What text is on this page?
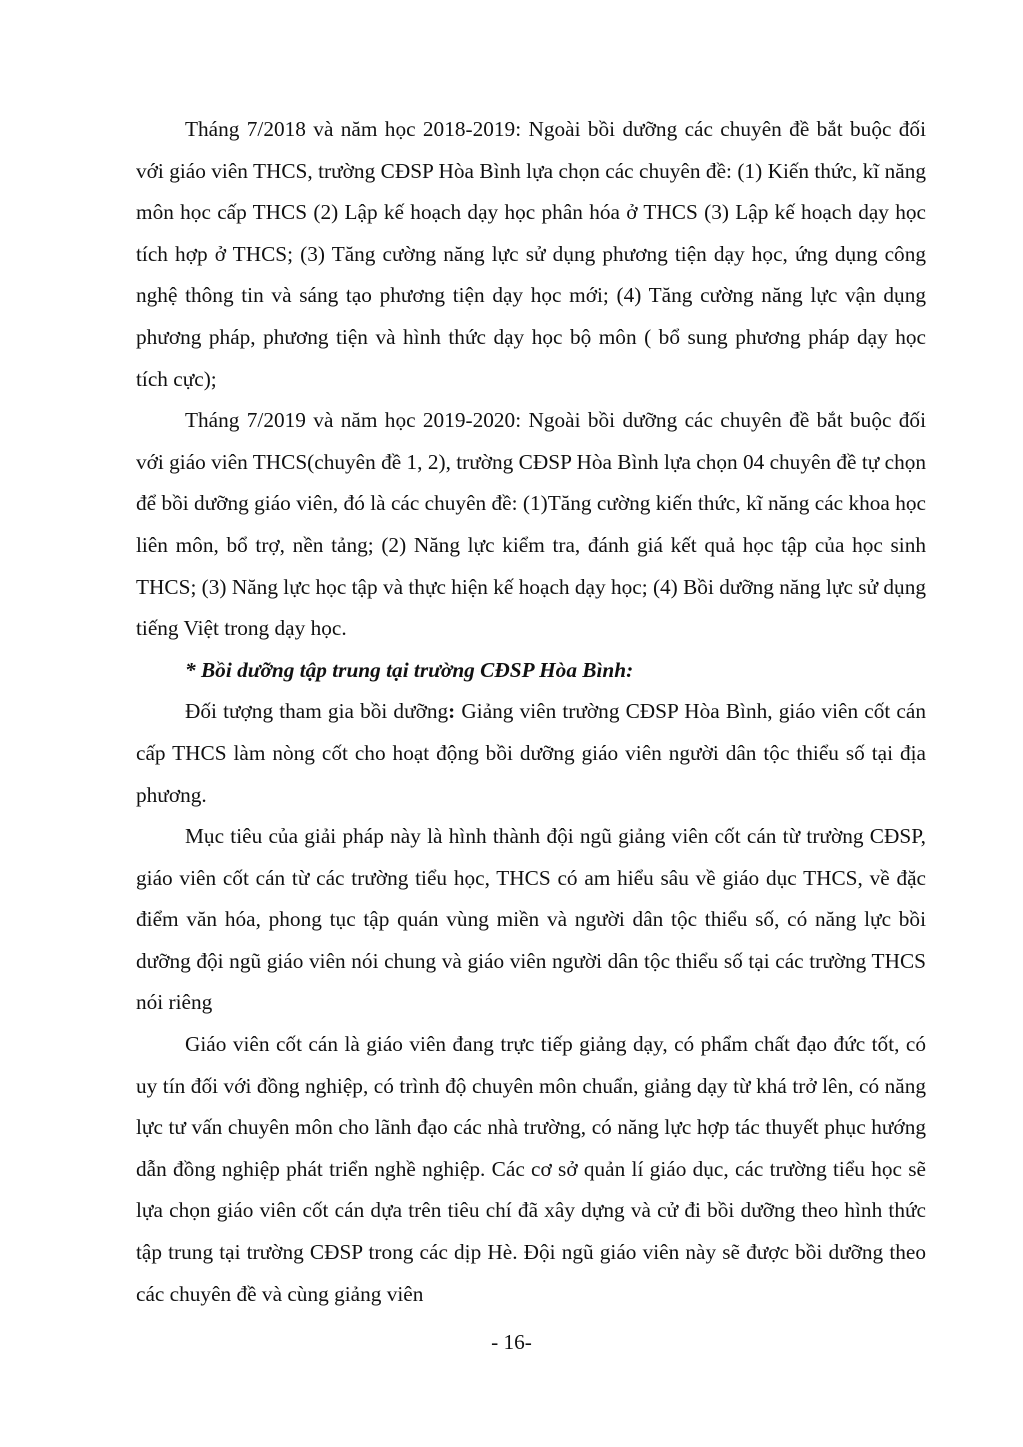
Tháng 7/2018 và năm học 2018-2019: Ngoài bồi dưỡng các chuyên đề bắt buộc đối với giáo viên THCS, trường CĐSP Hòa Bình lựa chọn các chuyên đề: (1) Kiến thức, kĩ năng môn học cấp THCS (2) Lập kế hoạch dạy học phân hóa ở THCS (3) Lập kế hoạch dạy học tích hợp ở THCS; (3) Tăng cường năng lực sử dụng phương tiện dạy học, ứng dụng công nghệ thông tin và sáng tạo phương tiện dạy học mới; (4) Tăng cường năng lực vận dụng phương pháp, phương tiện và hình thức dạy học bộ môn ( bổ sung phương pháp dạy học tích cực);

Tháng 7/2019 và năm học 2019-2020: Ngoài bồi dưỡng các chuyên đề bắt buộc đối với giáo viên THCS(chuyên đề 1, 2), trường CĐSP Hòa Bình lựa chọn 04 chuyên đề tự chọn để bồi dưỡng giáo viên, đó là các chuyên đề: (1)Tăng cường kiến thức, kĩ năng các khoa học liên môn, bổ trợ, nền tảng; (2) Năng lực kiểm tra, đánh giá kết quả học tập của học sinh THCS; (3) Năng lực học tập và thực hiện kế hoạch dạy học; (4) Bồi dưỡng năng lực sử dụng tiếng Việt trong dạy học.

* Bồi dưỡng tập trung tại trường CĐSP Hòa Bình:

Đối tượng tham gia bồi dưỡng: Giảng viên trường CĐSP Hòa Bình, giáo viên cốt cán cấp THCS làm nòng cốt cho hoạt động bồi dưỡng giáo viên người dân tộc thiểu số tại địa phương.

Mục tiêu của giải pháp này là hình thành đội ngũ giảng viên cốt cán từ trường CĐSP, giáo viên cốt cán từ các trường tiểu học, THCS có am hiểu sâu về giáo dục THCS, về đặc điểm văn hóa, phong tục tập quán vùng miền và người dân tộc thiểu số, có năng lực bồi dưỡng đội ngũ giáo viên nói chung và giáo viên người dân tộc thiểu số tại các trường THCS nói riêng

Giáo viên cốt cán là giáo viên đang trực tiếp giảng dạy, có phẩm chất đạo đức tốt, có uy tín đối với đồng nghiệp, có trình độ chuyên môn chuẩn, giảng dạy từ khá trở lên, có năng lực tư vấn chuyên môn cho lãnh đạo các nhà trường, có năng lực hợp tác thuyết phục hướng dẫn đồng nghiệp phát triển nghề nghiệp. Các cơ sở quản lí giáo dục, các trường tiểu học sẽ lựa chọn giáo viên cốt cán dựa trên tiêu chí đã xây dựng và cử đi bồi dưỡng theo hình thức tập trung tại trường CĐSP trong các dịp Hè. Đội ngũ giáo viên này sẽ được bồi dưỡng theo các chuyên đề và cùng giảng viên

- 16-
